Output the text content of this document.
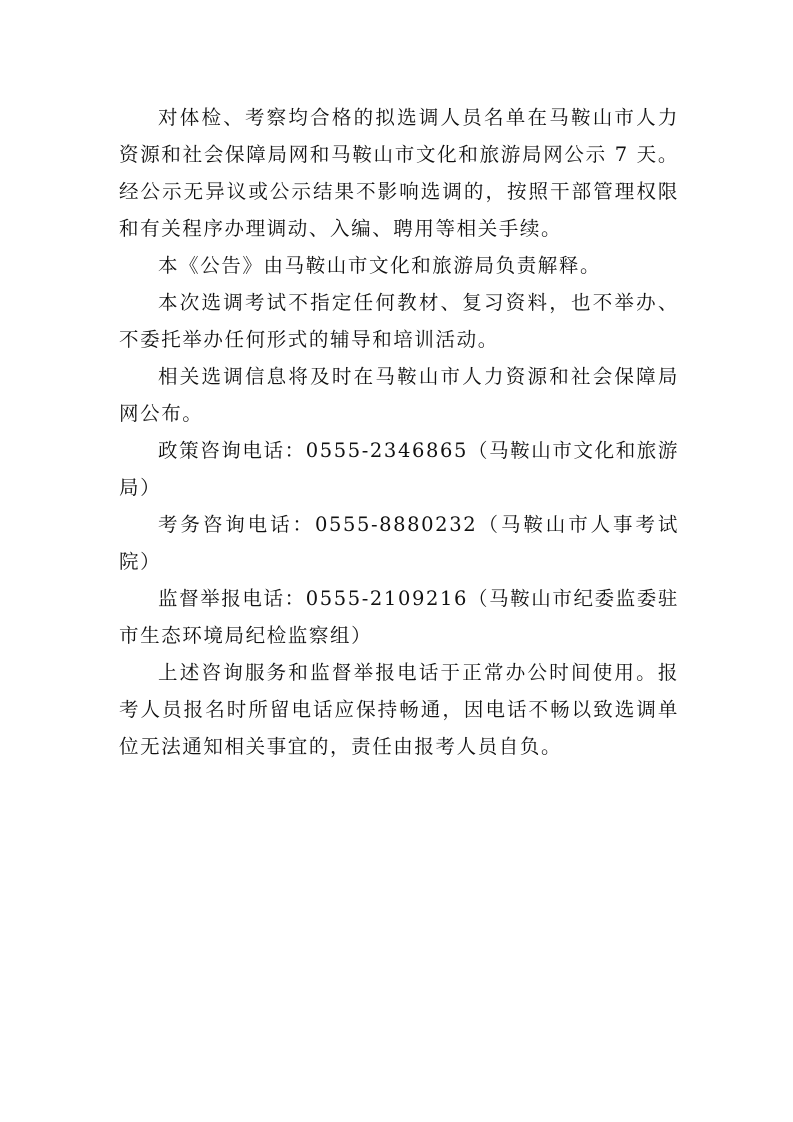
对体检、考察均合格的拟选调人员名单在马鞍山市人力资源和社会保障局网和马鞍山市文化和旅游局网公示 7 天。经公示无异议或公示结果不影响选调的，按照干部管理权限和有关程序办理调动、入编、聘用等相关手续。

本《公告》由马鞍山市文化和旅游局负责解释。

本次选调考试不指定任何教材、复习资料，也不举办、不委托举办任何形式的辅导和培训活动。

相关选调信息将及时在马鞍山市人力资源和社会保障局网公布。

政策咨询电话：0555-2346865（马鞍山市文化和旅游局）

考务咨询电话：0555-8880232（马鞍山市人事考试院）

监督举报电话：0555-2109216（马鞍山市纪委监委驻市生态环境局纪检监察组）

上述咨询服务和监督举报电话于正常办公时间使用。报考人员报名时所留电话应保持畅通，因电话不畅以致选调单位无法通知相关事宜的，责任由报考人员自负。
